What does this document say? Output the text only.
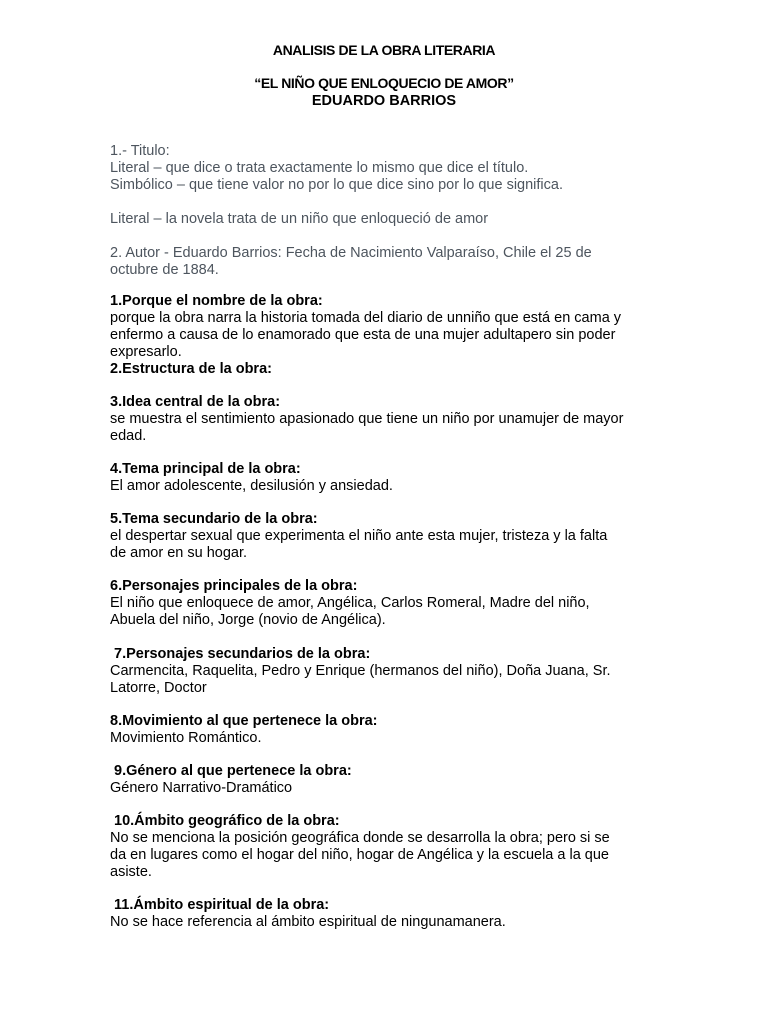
ANALISIS DE LA OBRA LITERARIA
“EL NIÑO QUE ENLOQUECIO DE AMOR”
EDUARDO BARRIOS
1.- Titulo:
Literal – que dice o trata exactamente lo mismo que dice el título.
Simbólico – que tiene valor no por lo que dice sino por lo que significa.
Literal – la novela trata de un niño que enloqueció de amor
2. Autor - Eduardo Barrios: Fecha de Nacimiento Valparaíso, Chile el 25 de
octubre de 1884.
1.Porque el nombre de la obra:
porque la obra narra la historia tomada del diario de unniño que está en cama y
enfermo a causa de lo enamorado que esta de una mujer adultapero sin poder
expresarlo.
2.Estructura de la obra:
3.Idea central de la obra:
se muestra el sentimiento apasionado que tiene un niño por unamujer de mayor
edad.
4.Tema principal de la obra:
El amor adolescente, desilusión y ansiedad.
5.Tema secundario de la obra:
el despertar sexual que experimenta el niño ante esta mujer, tristeza y la falta
de amor en su hogar.
6.Personajes principales de la obra:
El niño que enloquece de amor, Angélica, Carlos Romeral, Madre del niño,
Abuela del niño, Jorge (novio de Angélica).
7.Personajes secundarios de la obra:
Carmencita, Raquelita, Pedro y Enrique (hermanos del niño), Doña Juana, Sr.
Latorre, Doctor
8.Movimiento al que pertenece la obra:
Movimiento Romántico.
9.Género al que pertenece la obra:
Género Narrativo-Dramático
10.Ámbito geográfico de la obra:
No se menciona la posición geográfica donde se desarrolla la obra; pero si se
da en lugares como el hogar del niño, hogar de Angélica y la escuela a la que
asiste.
11.Ámbito espiritual de la obra:
No se hace referencia al ámbito espiritual de ningunamanera.
